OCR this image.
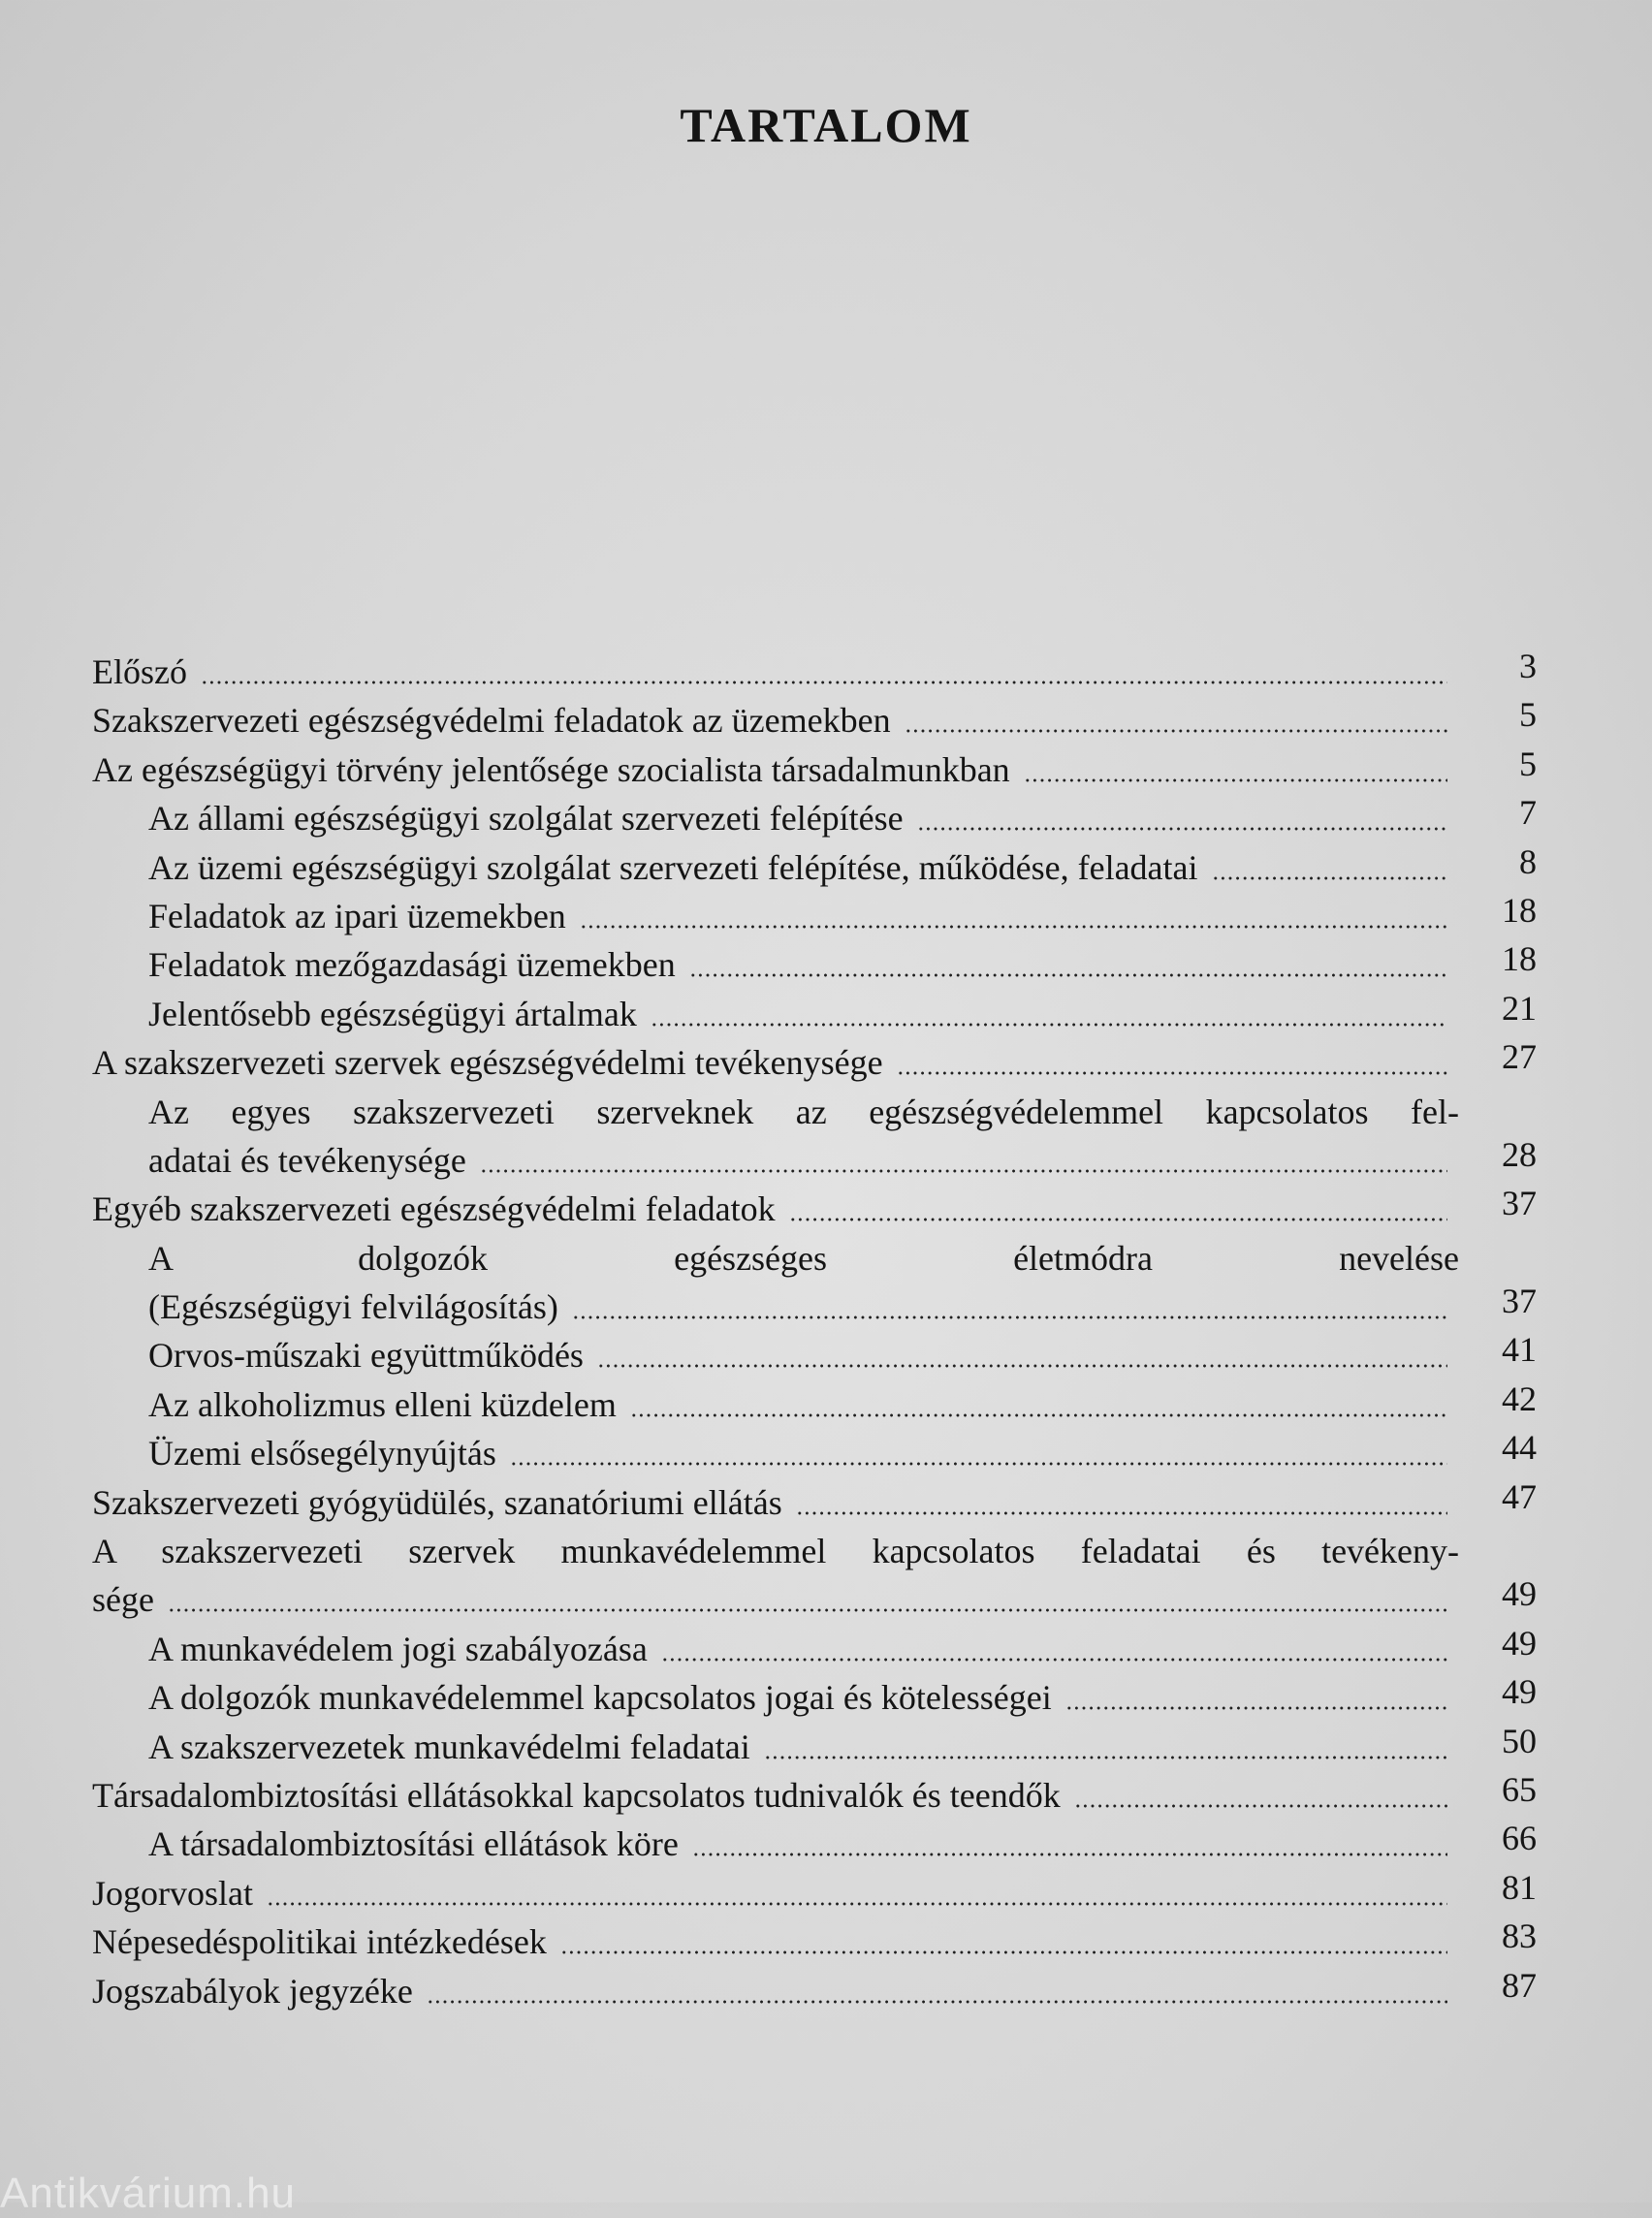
TARTALOM
Előszó	3
Szakszervezeti egészségvédelmi feladatok az üzemekben	5
Az egészségügyi törvény jelentősége szocialista társadalmunkban	5
Az állami egészségügyi szolgálat szervezeti felépítése	7
Az üzemi egészségügyi szolgálat szervezeti felépítése, működése, feladatai	8
Feladatok az ipari üzemekben	18
Feladatok mezőgazdasági üzemekben	18
Jelentősebb egészségügyi ártalmak	21
A szakszervezeti szervek egészségvédelmi tevékenysége	27
Az egyes szakszervezeti szerveknek az egészségvédelemmel kapcsolatos fel-
adatai és tevékenysége	28
Egyéb szakszervezeti egészségvédelmi feladatok	37
A dolgozók egészséges életmódra nevelése
(Egészségügyi felvilágosítás)	37
Orvos-műszaki együttműködés	41
Az alkoholizmus elleni küzdelem	42
Üzemi elsősegélynyújtás	44
Szakszervezeti gyógyüdülés, szanatóriumi ellátás	47
A szakszervezeti szervek munkavédelemmel kapcsolatos feladatai és tevékeny-
sége	49
A munkavédelem jogi szabályozása	49
A dolgozók munkavédelemmel kapcsolatos jogai és kötelességei	49
A szakszervezetek munkavédelmi feladatai	50
Társadalombiztosítási ellátásokkal kapcsolatos tudnivalók és teendők	65
A társadalombiztosítási ellátások köre	66
Jogorvoslat	81
Népesedéspolitikai intézkedések	83
Jogszabályok jegyzéke	87
Antikvárium.hu
